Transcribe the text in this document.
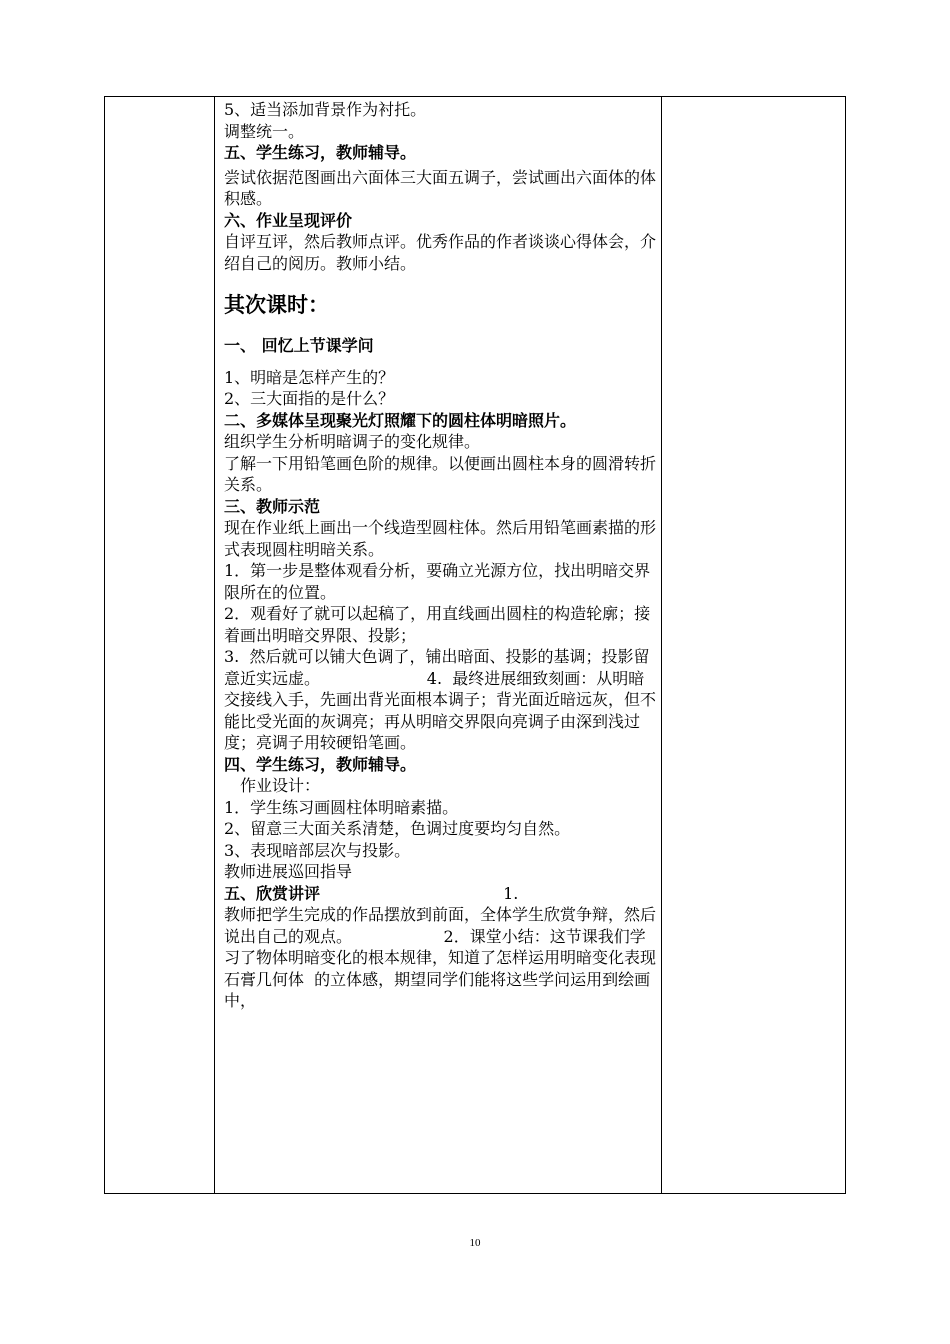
5、适当添加背景作为衬托。

调整统一。

五、学生练习，教师辅导。

尝试依据范图画出六面体三大面五调子，尝试画出六面体的体积感。

六、作业呈现评价

自评互评，然后教师点评。优秀作品的作者谈谈心得体会，介绍自己的阅历。教师小结。

其次课时：

一、 回忆上节课学问

1、明暗是怎样产生的？

2、三大面指的是什么？

二、多媒体呈现聚光灯照耀下的圆柱体明暗照片。

组织学生分析明暗调子的变化规律。

了解一下用铅笔画色阶的规律。以便画出圆柱本身的圆滑转折关系。

三、教师示范

现在作业纸上画出一个线造型圆柱体。然后用铅笔画素描的形式表现圆柱明暗关系。

1．第一步是整体观看分析，要确立光源方位，找出明暗交界限所在的位置。

2．观看好了就可以起稿了，用直线画出圆柱的构造轮廓；接着画出明暗交界限、投影；

3.  然后就可以铺大色调了，铺出暗面、投影的基调；投影留意近实远虚。                     4.  最终进展细致刻画：从明暗交接线入手，先画出背光面根本调子；背光面近暗远灰，但不能比受光面的灰调亮；再从明暗交界限向亮调子由深到浅过度；亮调子用较硬铅笔画。

四、学生练习，教师辅导。

作业设计：

1．学生练习画圆柱体明暗素描。

2、留意三大面关系清楚，色调过度要均匀自然。

3、表现暗部层次与投影。

教师进展巡回指导

五、欣赏讲评                                    1.

教师把学生完成的作品摆放到前面，全体学生欣赏争辩，然后说出自己的观点。                  2．课堂小结：这节课我们学习了物体明暗变化的根本规律，知道了怎样运用明暗变化表现石膏几何体  的立体感，期望同学们能将这些学问运用到绘画中，

10
